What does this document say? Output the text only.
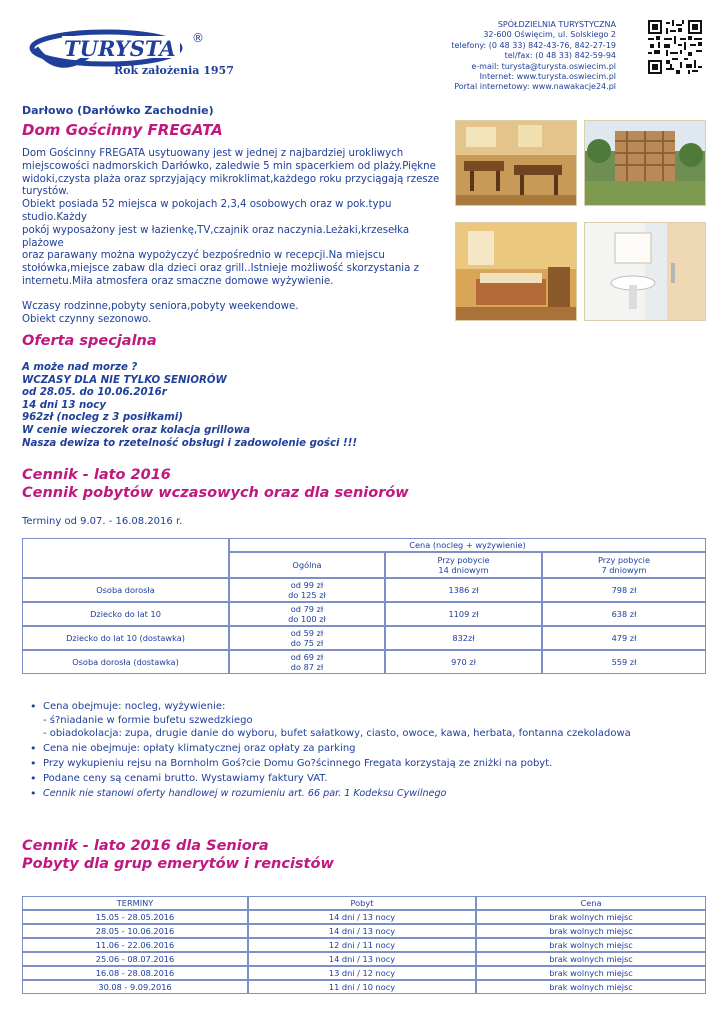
TURYSTA ®
Rok założenia 1957
SPÓŁDZIELNIA TURYSTYCZNA
32-600 Oświęcim, ul. Solskiego 2
telefony: (0 48 33) 842-43-76, 842-27-19
tel/fax: (0 48 33) 842-59-94
e-mail: turysta@turysta.oswiecim.pl
Internet: www.turysta.oswiecim.pl
Portal internetowy: www.nawakacje24.pl
Darłowo (Darłówko Zachodnie)
Dom Gościnny FREGATA

Dom Gościnny FREGATA usytuowany jest w jednej z najbardziej urokliwych

miejscowości nadmorskich Darłówko, zaledwie 5 min spacerkiem od plaży.Piękne

widoki,czysta plaża oraz sprzyjający mikroklimat,każdego roku przyciągają rzesze

turystów.

Obiekt posiada 52 miejsca w pokojach 2,3,4 osobowych oraz w pok.typu studio.Każdy

pokój wyposażony jest w łazienkę,TV,czajnik oraz naczynia.Leżaki,krzesełka plażowe

oraz parawany można wypożyczyć bezpośrednio w recepcji.Na miejscu

stołówka,miejsce zabaw dla dzieci oraz grill..Istnieje możliwość skorzystania z

internetu.Miła atmosfera oraz smaczne domowe wyżywienie.

Wczasy rodzinne,pobyty seniora,pobyty weekendowe.

Obiekt czynny sezonowo.

Oferta specjalna
A może nad morze ?
WCZASY DLA NIE TYLKO SENIORÓW
od 28.05. do 10.06.2016r
14 dni 13 nocy
962zł (nocleg z 3 posiłkami)
W cenie wieczorek oraz kolacja grillowa
Nasza dewiza to rzetelność obsługi i zadowolenie gości !!!
Cennik - lato 2016
Cennik pobytów wczasowych oraz dla seniorów
Terminy od 9.07. - 16.08.2016 r.
	Cena (nocleg + wyżywienie)		
	Ogólna	Przy pobycie
14 dniowym	Przy pobycie
7 dniowym
Osoba dorosła	od 99 zł
do 125 zł	1386 zł	798 zł
Dziecko do lat 10	od 79 zł
do 100 zł	1109 zł	638 zł
Dziecko do lat 10 (dostawka)	od 59 zł
do 75 zł	832zł	479 zł
Osoba dorosła (dostawka)	od 69 zł
do 87 zł	970 zł	559 zł
• Cena obejmuje: nocleg, wyżywienie:
- ś?niadanie w formie bufetu szwedzkiego
- obiadokolacja: zupa, drugie danie do wyboru, bufet sałatkowy, ciasto, owoce, kawa, herbata, fontanna czekoladowa
• Cena nie obejmuje: opłaty klimatycznej oraz opłaty za parking
• Przy wykupieniu rejsu na Bornholm Goś?cie Domu Go?ścinnego Fregata korzystają ze zniżki na pobyt.
• Podane ceny są cenami brutto. Wystawiamy faktury VAT.
• Cennik nie stanowi oferty handlowej w rozumieniu art. 66 par. 1 Kodeksu Cywilnego
Cennik - lato 2016 dla Seniora
Pobyty dla grup emerytów i rencistów
TERMINY	Pobyt	Cena
15.05 - 28.05.2016	14 dni / 13 nocy	brak wolnych miejsc
28.05 - 10.06.2016	14 dni / 13 nocy	brak wolnych miejsc
11.06 - 22.06.2016	12 dni / 11 nocy	brak wolnych miejsc
25.06 - 08.07.2016	14 dni / 13 nocy	brak wolnych miejsc
16.08 - 28.08.2016	13 dni / 12 nocy	brak wolnych miejsc
30.08 - 9.09.2016	11 dni / 10 nocy	brak wolnych miejsc
